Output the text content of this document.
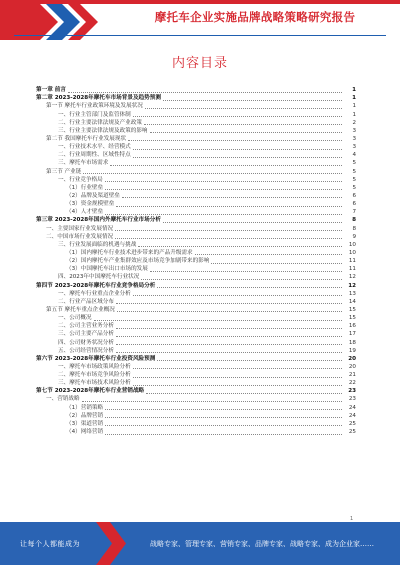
摩托车企业实施品牌战略策略研究报告
内容目录
第一章 前言	1
第二章 2023-2028年摩托车市场背景及趋势预测	1
第一节 摩托车行业政策环境及发展状况	1
一、行业主管部门及监管体制	1
二、行业主要法律法规及产业政策	2
三、行业主要法律法规及政策的影响	3
第二节 我国摩托车行业发展现状	3
一、行业技术水平、经营模式	3
二、行业周期性、区域性特点	4
三、摩托车市场需求	5
第三节 产业链	5
一、行业竞争格局	5
（1）行业壁垒	5
（2）品牌及渠道壁垒	6
（3）资金规模壁垒	6
（4）人才壁垒	7
第三章 2023-2028年国内外摩托车行业市场分析	8
一、主要国家行业发展情况	8
二、中国市场行业发展情况	9
三、行业发展面临的机遇与挑战	10
（1）国内摩托车行业技术进步带来的产品升级需求	10
（2）国内摩托车产业集群效应及市场竞争加剧带来的影响	11
（3）中国摩托车出口市场的发展	11
四、2023年中国摩托车行业状况	12
第四节 2023-2028年摩托车行业竞争格局分析	12
一、摩托车行业重点企业分析	13
二、行业产品区域分布	14
第五节 摩托车重点企业概况	15
一、公司概况	15
二、公司主营业务分析	16
三、公司主要产品分析	17
四、公司财务状况分析	18
五、公司经营情况分析	19
第六节 2023-2028年摩托车行业投资风险预测	20
一、摩托车市场政策风险分析	20
二、摩托车市场竞争风险分析	21
三、摩托车市场技术风险分析	22
第七节 2023-2028年摩托车行业营销战略	23
一、营销战略	23
（1）营销策略	24
（2）品牌营销	24
（3）渠道营销	25
（4）网络营销	25
1
让每个人都能成为	战略专家、管理专家、营销专家、品牌专家、战略专家、成为企业家……
